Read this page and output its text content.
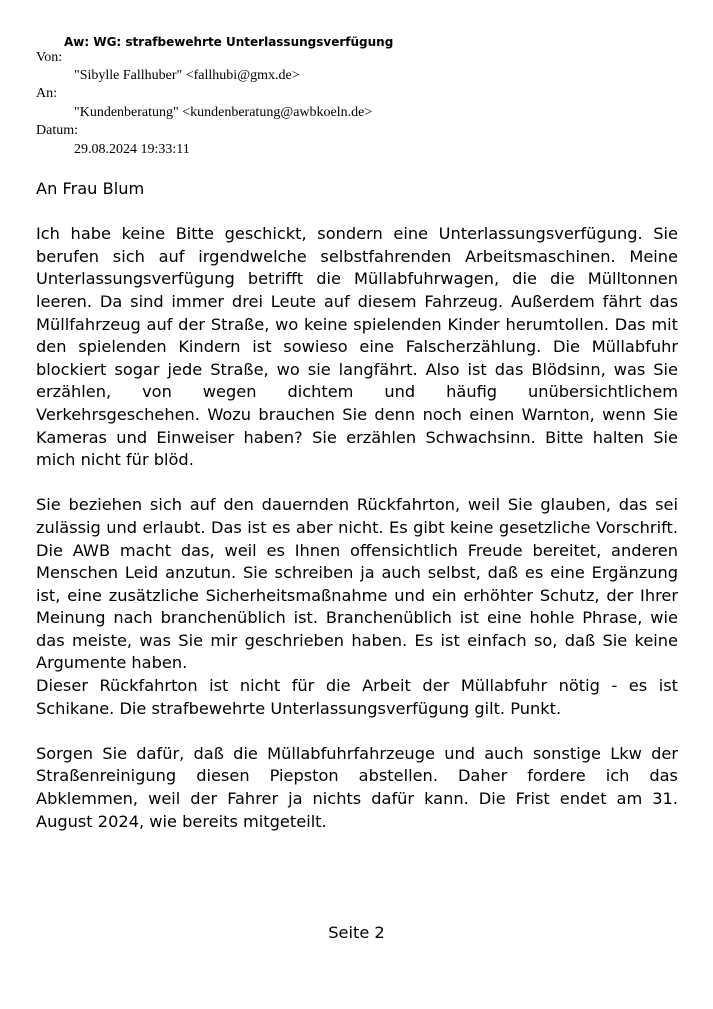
Aw: WG: strafbewehrte Unterlassungsverfügung
Von:
"Sibylle Fallhuber" <fallhubi@gmx.de>
An:
"Kundenberatung" <kundenberatung@awbkoeln.de>
Datum:
29.08.2024 19:33:11

An Frau Blum

Ich habe keine Bitte geschickt, sondern eine Unterlassungsverfügung. Sie berufen sich auf irgendwelche selbstfahrenden Arbeitsmaschinen. Meine Unterlassungsverfügung betrifft die Müllabfuhrwagen, die die Mülltonnen leeren. Da sind immer drei Leute auf diesem Fahrzeug. Außerdem fährt das Müllfahrzeug auf der Straße, wo keine spielenden Kinder herumtollen. Das mit den spielenden Kindern ist sowieso eine Falscherzählung. Die Müllabfuhr blockiert sogar jede Straße, wo sie langfährt. Also ist das Blödsinn, was Sie erzählen, von wegen dichtem und häufig unübersichtlichem Verkehrsgeschehen. Wozu brauchen Sie denn noch einen Warnton, wenn Sie Kameras und Einweiser haben? Sie erzählen Schwachsinn. Bitte halten Sie mich nicht für blöd.

Sie beziehen sich auf den dauernden Rückfahrton, weil Sie glauben, das sei zulässig und erlaubt. Das ist es aber nicht. Es gibt keine gesetzliche Vorschrift. Die AWB macht das, weil es Ihnen offensichtlich Freude bereitet, anderen Menschen Leid anzutun. Sie schreiben ja auch selbst, daß es eine Ergänzung ist, eine zusätzliche Sicherheitsmaßnahme und ein erhöhter Schutz, der Ihrer Meinung nach branchenüblich ist. Branchenüblich ist eine hohle Phrase, wie das meiste, was Sie mir geschrieben haben. Es ist einfach so, daß Sie keine Argumente haben.

Dieser Rückfahrton ist nicht für die Arbeit der Müllabfuhr nötig - es ist Schikane. Die strafbewehrte Unterlassungsverfügung gilt. Punkt.

Sorgen Sie dafür, daß die Müllabfuhrfahrzeuge und auch sonstige Lkw der Straßenreinigung diesen Piepston abstellen. Daher fordere ich das Abklemmen, weil der Fahrer ja nichts dafür kann. Die Frist endet am 31. August 2024, wie bereits mitgeteilt.

Seite 2
